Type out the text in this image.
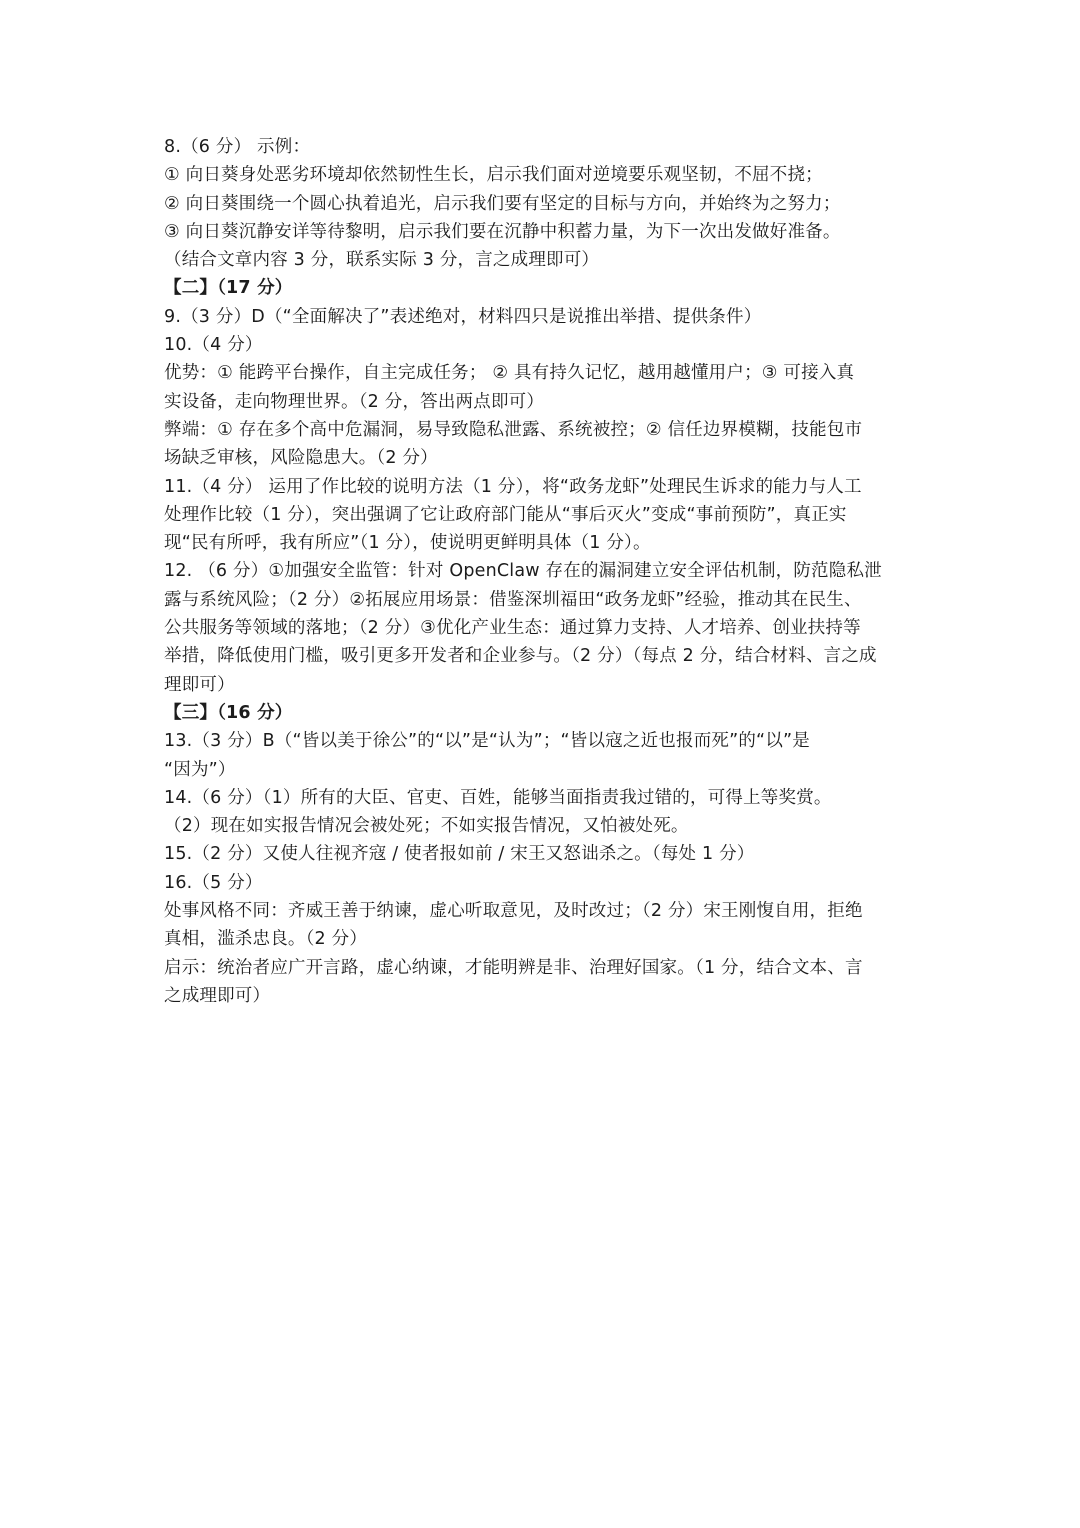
8.（6 分） 示例：
① 向日葵身处恶劣环境却依然韧性生长，启示我们面对逆境要乐观坚韧，不屈不挠；
② 向日葵围绕一个圆心执着追光，启示我们要有坚定的目标与方向，并始终为之努力；
③ 向日葵沉静安详等待黎明，启示我们要在沉静中积蓄力量，为下一次出发做好准备。
（结合文章内容 3 分，联系实际 3 分，言之成理即可）
【二】（17 分）
9.（3 分）D（“全面解决了”表述绝对，材料四只是说推出举措、提供条件）
10.（4 分）
优势：① 能跨平台操作，自主完成任务； ② 具有持久记忆，越用越懂用户；③ 可接入真
实设备，走向物理世界。（2 分，答出两点即可）
弊端：① 存在多个高中危漏洞，易导致隐私泄露、系统被控；② 信任边界模糊，技能包市
场缺乏审核，风险隐患大。（2 分）
11.（4 分） 运用了作比较的说明方法（1 分），将“政务龙虾”处理民生诉求的能力与人工
处理作比较（1 分），突出强调了它让政府部门能从“事后灭火”变成“事前预防”，真正实
现“民有所呼，我有所应”（1 分），使说明更鲜明具体（1 分）。
12. （6 分）①加强安全监管：针对 OpenClaw 存在的漏洞建立安全评估机制，防范隐私泄
露与系统风险；（2 分）②拓展应用场景：借鉴深圳福田“政务龙虾”经验，推动其在民生、
公共服务等领域的落地；（2 分）③优化产业生态：通过算力支持、人才培养、创业扶持等
举措，降低使用门槛，吸引更多开发者和企业参与。（2 分）（每点 2 分，结合材料、言之成
理即可）
【三】（16 分）
13.（3 分）B（“皆以美于徐公”的“以”是“认为”；“皆以寇之近也报而死”的“以”是
“因为”）
14.（6 分）（1）所有的大臣、官吏、百姓，能够当面指责我过错的，可得上等奖赏。
（2）现在如实报告情况会被处死；不如实报告情况，又怕被处死。
15.（2 分）又使人往视齐寇 / 使者报如前 / 宋王又怒诎杀之。（每处 1 分）
16.（5 分）
处事风格不同：齐威王善于纳谏，虚心听取意见，及时改过；（2 分）宋王刚愎自用，拒绝
真相，滥杀忠良。（2 分）
启示：统治者应广开言路，虚心纳谏，才能明辨是非、治理好国家。（1 分，结合文本、言
之成理即可）
